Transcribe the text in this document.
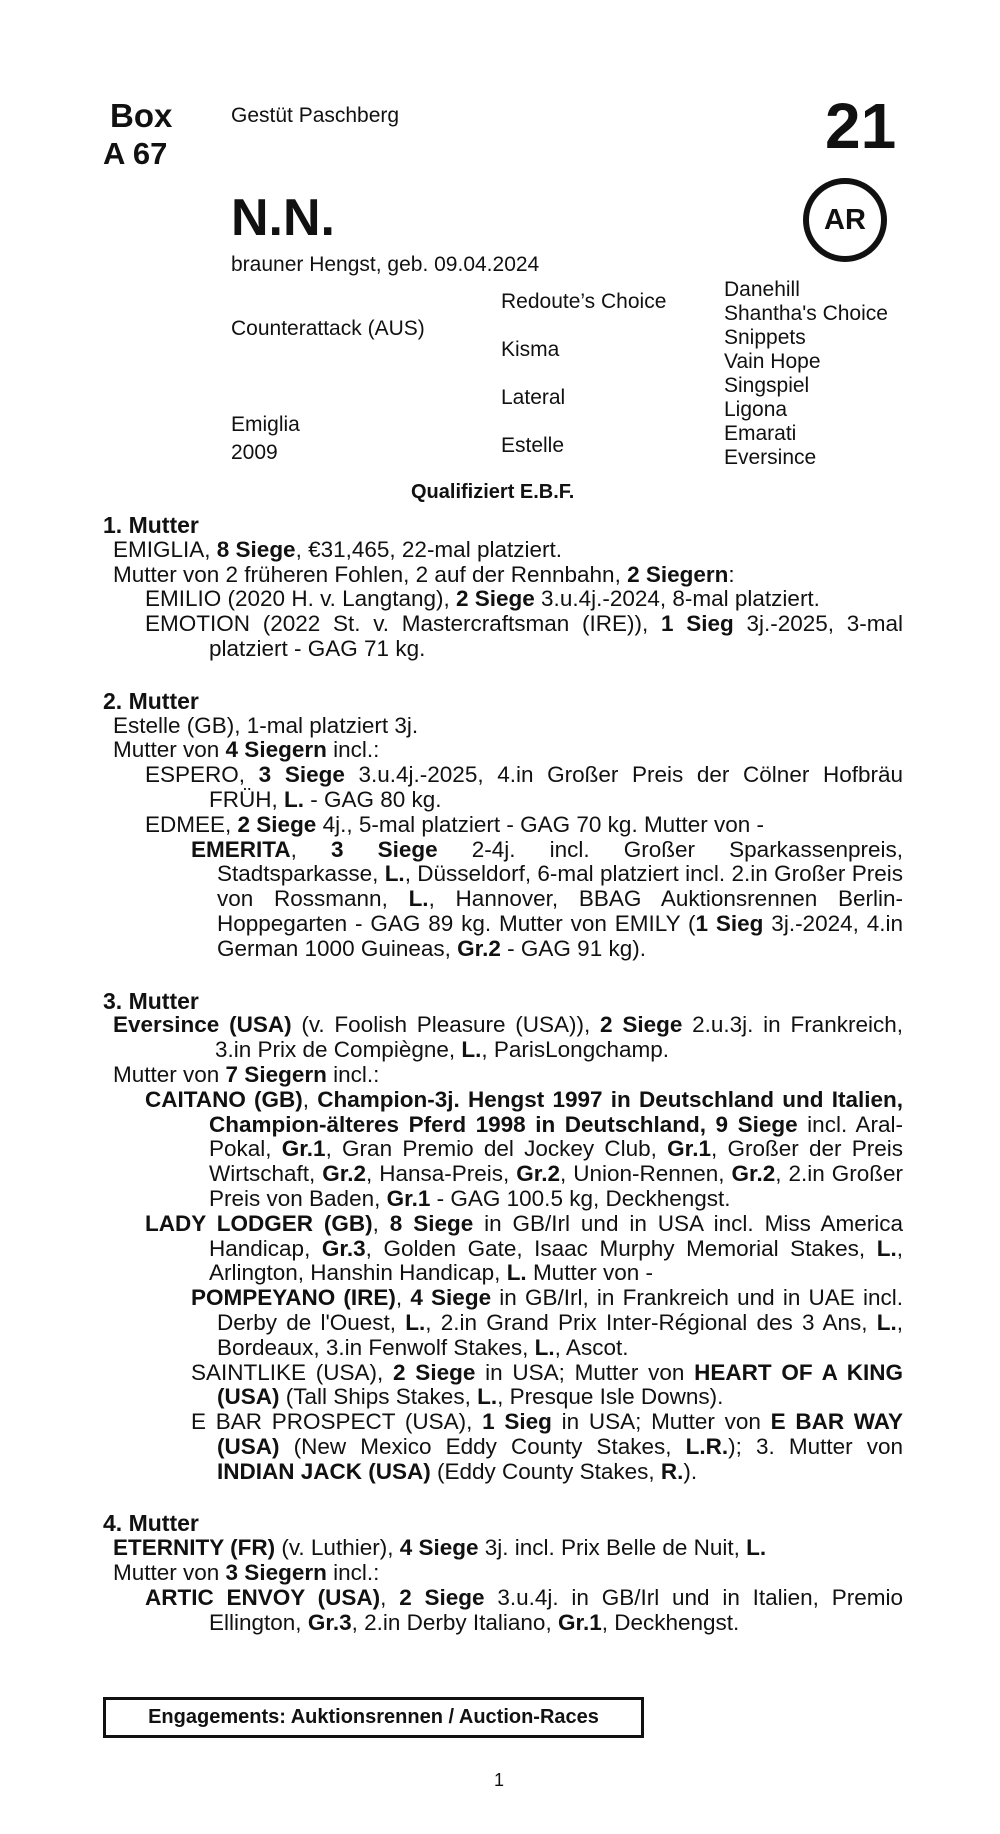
Box
A 67
Gestüt Paschberg	21
AR
N.N.
brauner Hengst, geb. 09.04.2024
Counterattack (AUS)
Emiglia
2009
Redoute’s Choice
Kisma
Lateral
Estelle
Danehill
Shantha's Choice
Snippets
Vain Hope
Singspiel
Ligona
Emarati
Eversince
Qualifiziert E.B.F.
1. Mutter
EMIGLIA, 8 Siege, €31,465, 22-mal platziert.
Mutter von 2 früheren Fohlen, 2 auf der Rennbahn, 2 Siegern:
EMILIO (2020 H. v. Langtang), 2 Siege 3.u.4j.-2024, 8-mal platziert.
EMOTION (2022 St. v. Mastercraftsman (IRE)), 1 Sieg 3j.-2025, 3-mal platziert - GAG 71 kg.
2. Mutter
Estelle (GB), 1-mal platziert 3j.
Mutter von 4 Siegern incl.:
ESPERO, 3 Siege 3.u.4j.-2025, 4.in Großer Preis der Cölner Hofbräu FRÜH, L. - GAG 80 kg.
EDMEE, 2 Siege 4j., 5-mal platziert - GAG 70 kg. Mutter von -
EMERITA, 3 Siege 2-4j. incl. Großer Sparkassenpreis, Stadtsparkasse, L., Düsseldorf, 6-mal platziert incl. 2.in Großer Preis von Rossmann, L., Hannover, BBAG Auktionsrennen Berlin-Hoppegarten - GAG 89 kg. Mutter von EMILY (1 Sieg 3j.-2024, 4.in German 1000 Guineas, Gr.2 - GAG 91 kg).
3. Mutter
Eversince (USA) (v. Foolish Pleasure (USA)), 2 Siege 2.u.3j. in Frankreich, 3.in Prix de Compiègne, L., ParisLongchamp.
Mutter von 7 Siegern incl.:
CAITANO (GB), Champion-3j. Hengst 1997 in Deutschland und Italien, Champion-älteres Pferd 1998 in Deutschland, 9 Siege incl. Aral-Pokal, Gr.1, Gran Premio del Jockey Club, Gr.1, Großer der Preis Wirtschaft, Gr.2, Hansa-Preis, Gr.2, Union-Rennen, Gr.2, 2.in Großer Preis von Baden, Gr.1 - GAG 100.5 kg, Deckhengst.
LADY LODGER (GB), 8 Siege in GB/Irl und in USA incl. Miss America Handicap, Gr.3, Golden Gate, Isaac Murphy Memorial Stakes, L., Arlington, Hanshin Handicap, L. Mutter von -
POMPEYANO (IRE), 4 Siege in GB/Irl, in Frankreich und in UAE incl. Derby de l'Ouest, L., 2.in Grand Prix Inter-Régional des 3 Ans, L., Bordeaux, 3.in Fenwolf Stakes, L., Ascot.
SAINTLIKE (USA), 2 Siege in USA; Mutter von HEART OF A KING (USA) (Tall Ships Stakes, L., Presque Isle Downs).
E BAR PROSPECT (USA), 1 Sieg in USA; Mutter von E BAR WAY (USA) (New Mexico Eddy County Stakes, L.R.); 3. Mutter von INDIAN JACK (USA) (Eddy County Stakes, R.).
4. Mutter
ETERNITY (FR) (v. Luthier), 4 Siege 3j. incl. Prix Belle de Nuit, L.
Mutter von 3 Siegern incl.:
ARTIC ENVOY (USA), 2 Siege 3.u.4j. in GB/Irl und in Italien, Premio Ellington, Gr.3, 2.in Derby Italiano, Gr.1, Deckhengst.
Engagements: Auktionsrennen / Auction-Races
1
